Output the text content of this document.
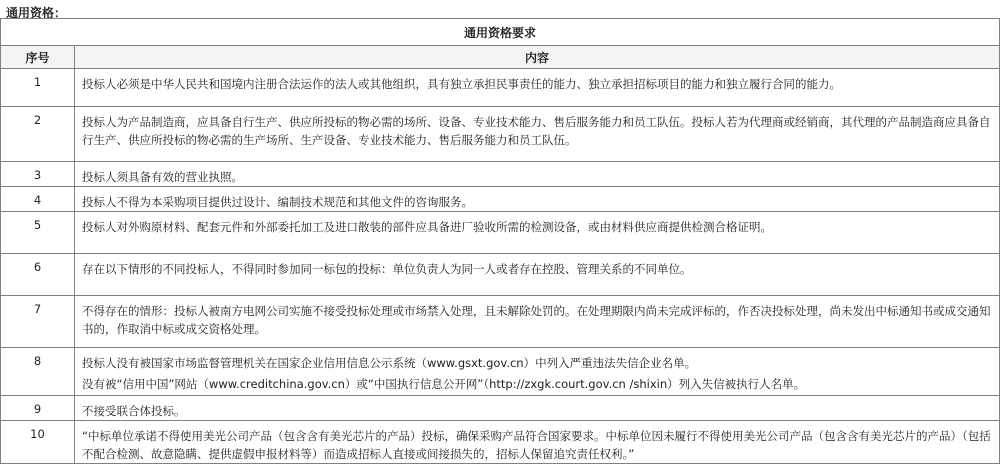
通用资格：
通用资格要求	
序号	内容
1	投标人必须是中华人民共和国境内注册合法运作的法人或其他组织，具有独立承担民事责任的能力、独立承担招标项目的能力和独立履行合同的能力。

2	投标人为产品制造商，应具备自行生产、供应所投标的物必需的场所、设备、专业技术能力、售后服务能力和员工队伍。投标人若为代理商或经销商，其代理的产品制造商应具备自行生产、供应所投标的物必需的生产场所、生产设备、专业技术能力、售后服务能力和员工队伍。

3	投标人须具备有效的营业执照。

4	投标人不得为本采购项目提供过设计、编制技术规范和其他文件的咨询服务。

5	投标人对外购原材料、配套元件和外部委托加工及进口散装的部件应具备进厂验收所需的检测设备，或由材料供应商提供检测合格证明。

6	存在以下情形的不同投标人，不得同时参加同一标包的投标：单位负责人为同一人或者存在控股、管理关系的不同单位。

7	不得存在的情形：投标人被南方电网公司实施不接受投标处理或市场禁入处理，且未解除处罚的。在处理期限内尚未完成评标的，作否决投标处理，尚未发出中标通知书或成交通知书的，作取消中标或成交资格处理。

8	投标人没有被国家市场监督管理机关在国家企业信用信息公示系统（www.gsxt.gov.cn）中列入严重违法失信企业名单。

没有被“信用中国”网站（www.creditchina.gov.cn）或“中国执行信息公开网”（http://zxgk.court.gov.cn /shixin）列入失信被执行人名单。

9	不接受联合体投标。

10	“中标单位承诺不得使用美光公司产品（包含含有美光芯片的产品）投标，确保采购产品符合国家要求。中标单位因未履行不得使用美光公司产品（包含含有美光芯片的产品）（包括不配合检测、故意隐瞒、提供虚假申报材料等）而造成招标人直接或间接损失的，招标人保留追究责任权利。”
